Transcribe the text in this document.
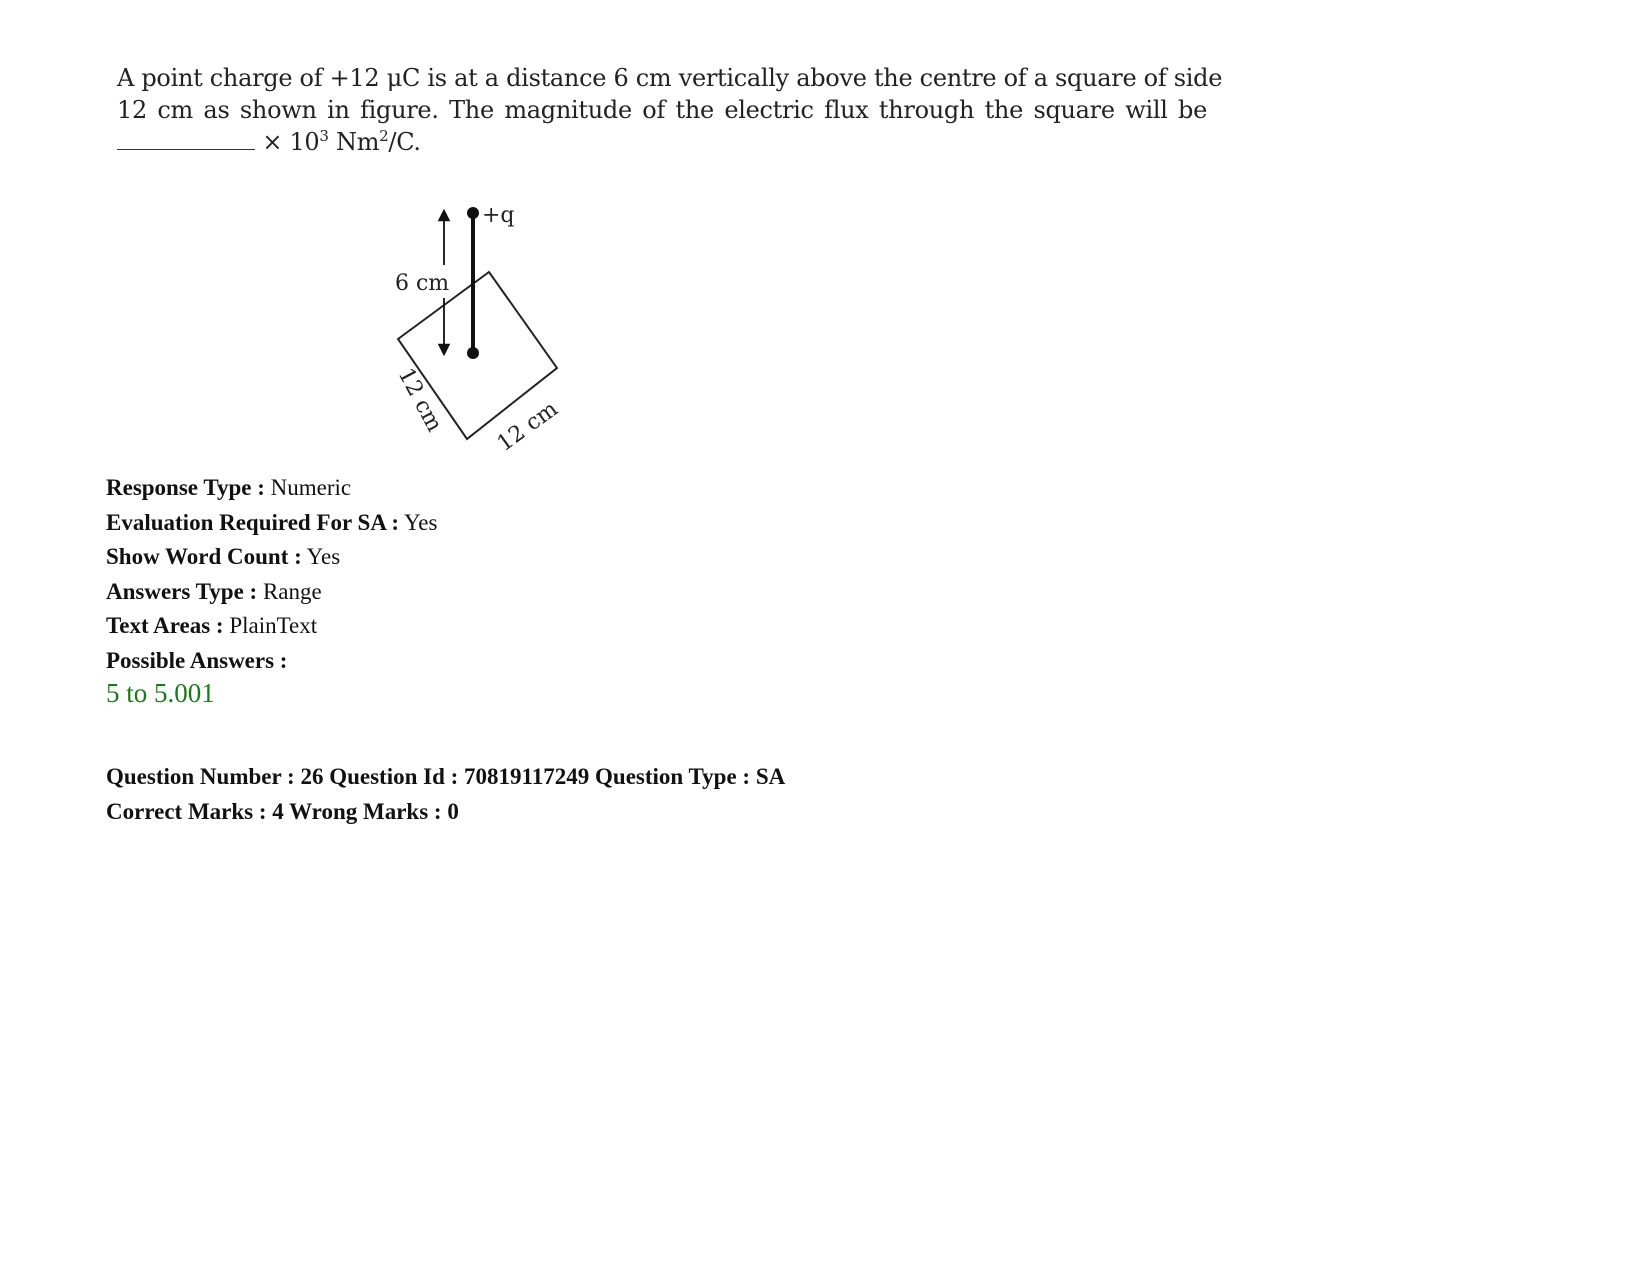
A point charge of +12 μC is at a distance 6 cm vertically above the centre of a square of side
12 cm as shown in figure. The magnitude of the electric flux through the square will be
× $10^3$ $Nm^2/C$.
+q
6 cm
12 cm 12 cm
Response Type : Numeric
Evaluation Required For SA : Yes
Show Word Count : Yes
Answers Type : Range
Text Areas : PlainText
Possible Answers :
5 to 5.001
Question Number : 26 Question Id : 70819117249 Question Type : SA
Correct Marks : 4 Wrong Marks : 0
